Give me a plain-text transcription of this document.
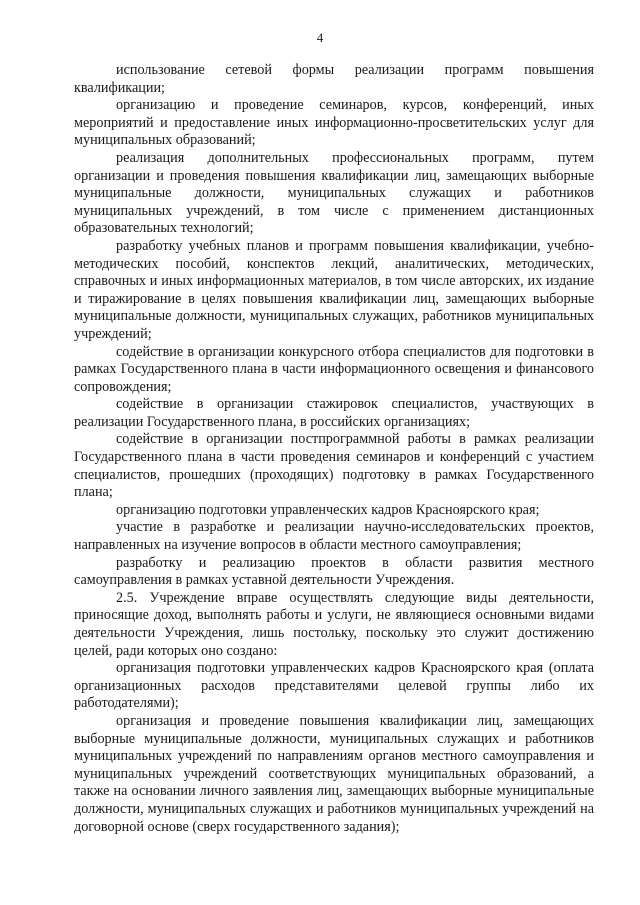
4

использование сетевой формы реализации программ повышения квалификации;

организацию и проведение семинаров, курсов, конференций, иных мероприятий и предоставление иных информационно-просветительских услуг для муниципальных образований;

реализация дополнительных профессиональных программ, путем организации и проведения повышения квалификации лиц, замещающих выборные муниципальные должности, муниципальных служащих и работников муниципальных учреждений, в том числе с применением дистанционных образовательных технологий;

разработку учебных планов и программ повышения квалификации, учебно-методических пособий, конспектов лекций, аналитических, методических, справочных и иных информационных материалов, в том числе авторских, их издание и тиражирование в целях повышения квалификации лиц, замещающих выборные муниципальные должности, муниципальных служащих, работников муниципальных учреждений;

содействие в организации конкурсного отбора специалистов для подготовки в рамках Государственного плана в части информационного освещения и финансового сопровождения;

содействие в организации стажировок специалистов, участвующих в реализации Государственного плана, в российских организациях;

содействие в организации постпрограммной работы в рамках реализации Государственного плана в части проведения семинаров и конференций с участием специалистов, прошедших (проходящих) подготовку в рамках Государственного плана;

организацию подготовки управленческих кадров Красноярского края;

участие в разработке и реализации научно-исследовательских проектов, направленных на изучение вопросов в области местного самоуправления;

разработку и реализацию проектов в области развития местного самоуправления в рамках уставной деятельности Учреждения.

2.5. Учреждение вправе осуществлять следующие виды деятельности, приносящие доход, выполнять работы и услуги, не являющиеся основными видами деятельности Учреждения, лишь постольку, поскольку это служит достижению целей, ради которых оно создано:

организация подготовки управленческих кадров Красноярского края (оплата организационных расходов представителями целевой группы либо их работодателями);

организация и проведение повышения квалификации лиц, замещающих выборные муниципальные должности, муниципальных служащих и работников муниципальных учреждений по направлениям органов местного самоуправления и муниципальных учреждений соответствующих муниципальных образований, а также на основании личного заявления лиц, замещающих выборные муниципальные должности, муниципальных служащих и работников муниципальных учреждений на договорной основе (сверх государственного задания);
